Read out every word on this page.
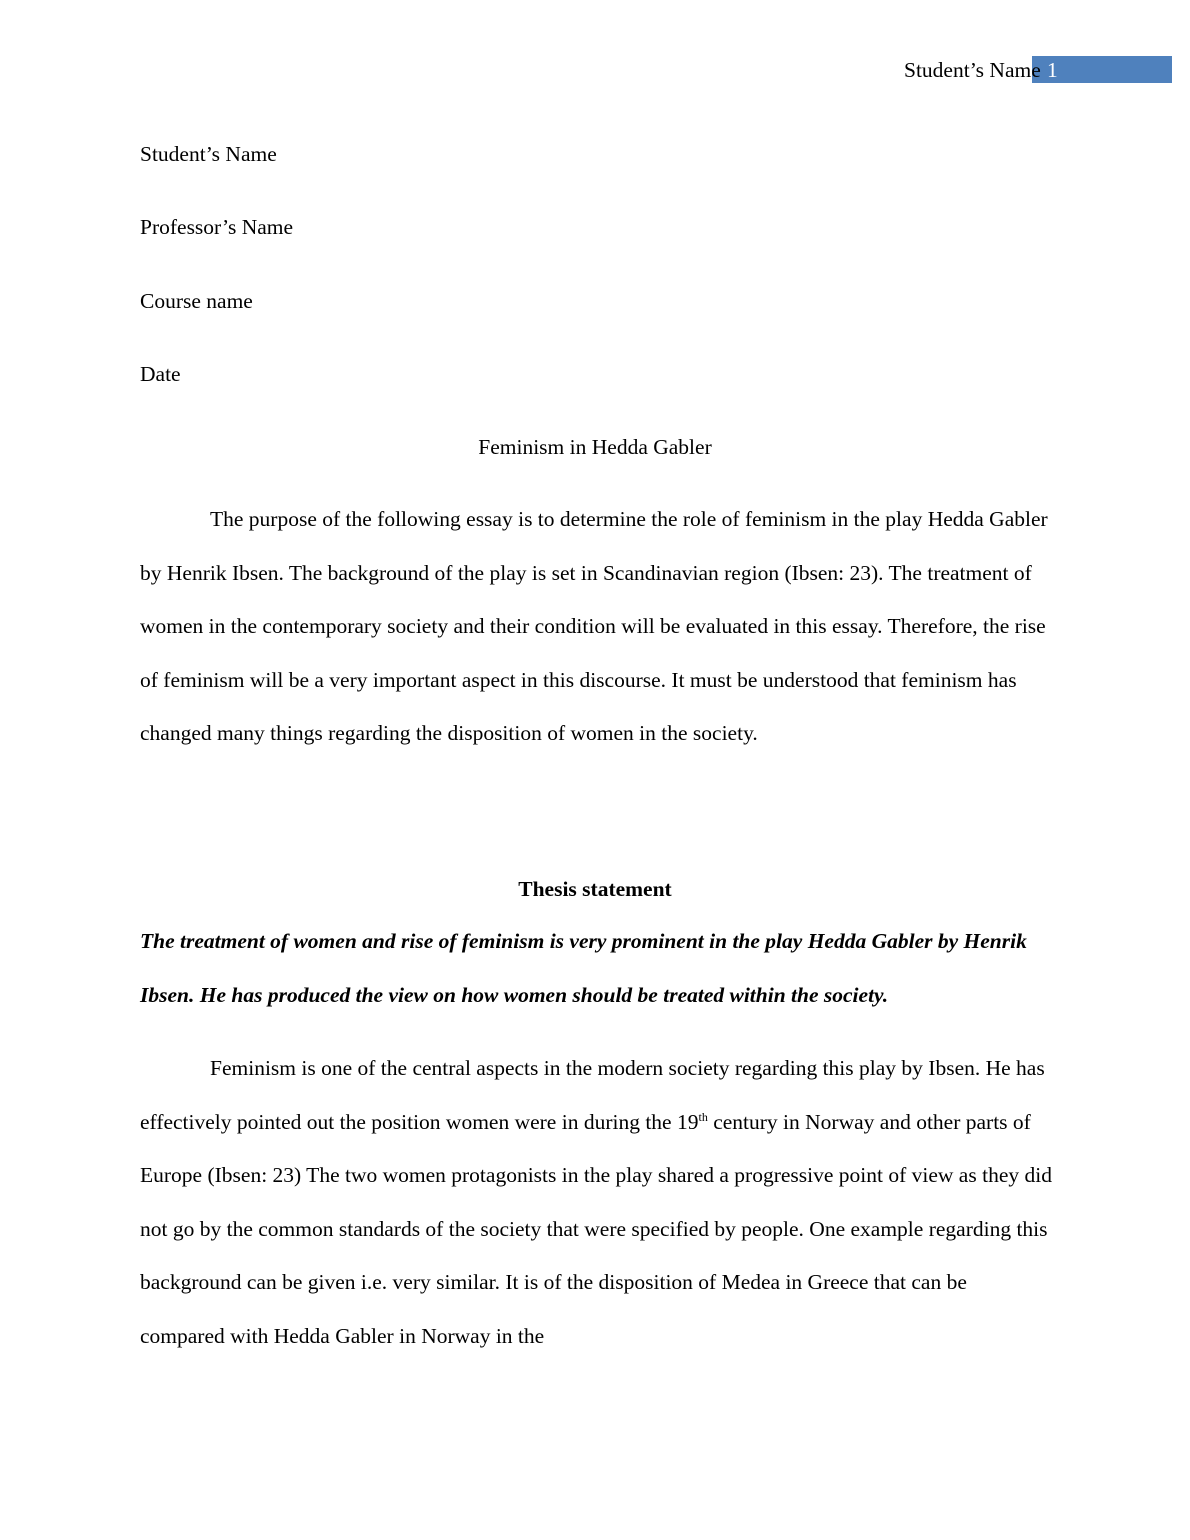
Student’s Name 1
Student’s Name
Professor’s Name
Course name
Date
Feminism in Hedda Gabler

The purpose of the following essay is to determine the role of feminism in the play Hedda Gabler by Henrik Ibsen. The background of the play is set in Scandinavian region (Ibsen: 23). The treatment of women in the contemporary society and their condition will be evaluated in this essay. Therefore, the rise of feminism will be a very important aspect in this discourse. It must be understood that feminism has changed many things regarding the disposition of women in the society.

Thesis statement

The treatment of women and rise of feminism is very prominent in the play Hedda Gabler by Henrik Ibsen. He has produced the view on how women should be treated within the society.

Feminism is one of the central aspects in the modern society regarding this play by Ibsen. He has effectively pointed out the position women were in during the 19th century in Norway and other parts of Europe (Ibsen: 23) The two women protagonists in the play shared a progressive point of view as they did not go by the common standards of the society that were specified by people. One example regarding this background can be given i.e. very similar. It is of the disposition of Medea in Greece that can be compared with Hedda Gabler in Norway in the
